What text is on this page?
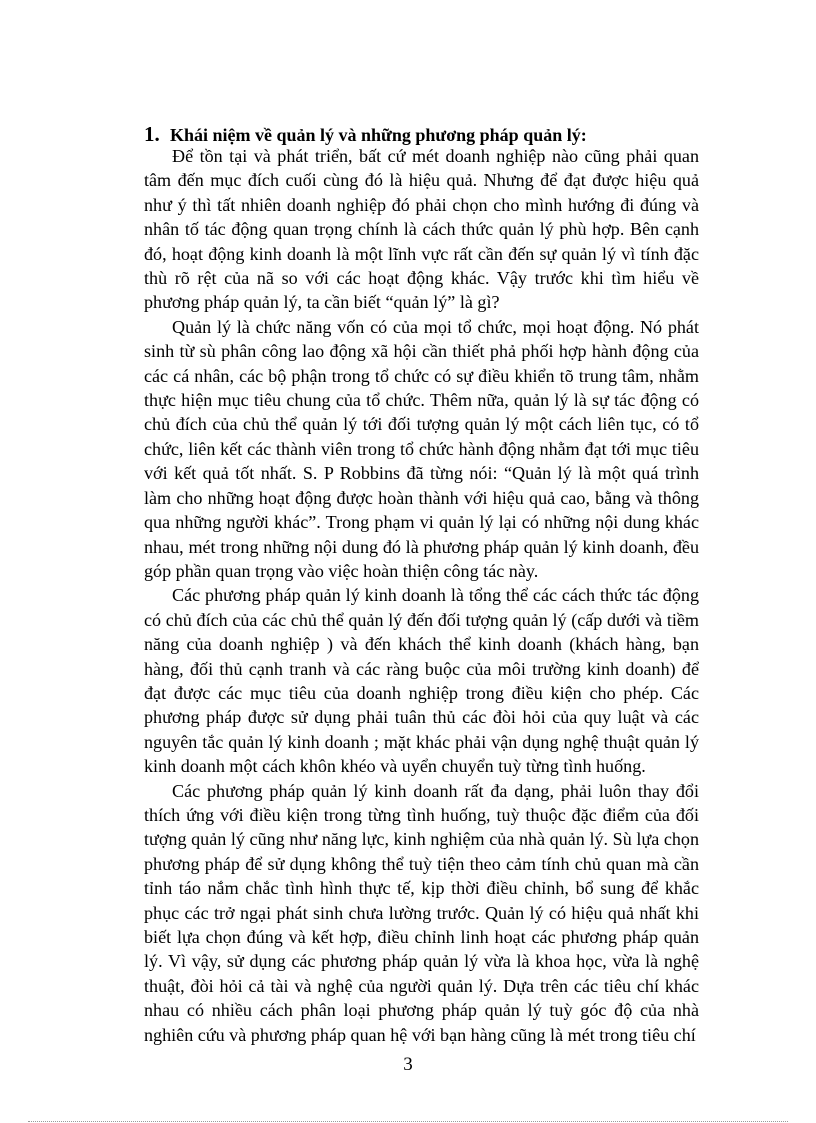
1. Khái niệm về quản lý và những phương pháp quản lý:

Để tồn tại và phát triển, bất cứ mét doanh nghiệp nào cũng phải quan tâm đến mục đích cuối cùng đó là hiệu quả. Nhưng để đạt được hiệu quả như ý thì tất nhiên doanh nghiệp đó phải chọn cho mình hướng đi đúng và nhân tố tác động quan trọng chính là cách thức quản lý phù hợp. Bên cạnh đó, hoạt động kinh doanh là một lĩnh vực rất cần đến sự quản lý vì tính đặc thù rõ rệt của nã so với các hoạt động khác. Vậy trước khi tìm hiểu về phương pháp quản lý, ta cần biết “quản lý” là gì?

Quản lý là chức năng vốn có của mọi tổ chức, mọi hoạt động. Nó phát sinh từ sù phân công lao động xã hội cần thiết phả phối hợp hành động của các cá nhân, các bộ phận trong tổ chức có sự điều khiển tõ trung tâm, nhằm thực hiện mục tiêu chung của tổ chức. Thêm nữa, quản lý là sự tác động có chủ đích của chủ thể quản lý tới đối tượng quản lý một cách liên tục, có tổ chức, liên kết các thành viên trong tổ chức hành động nhằm đạt tới mục tiêu với kết quả tốt nhất. S. P Robbins đã từng nói: “Quản lý là một quá trình làm cho những hoạt động được hoàn thành với hiệu quả cao, bằng và thông qua những người khác”. Trong phạm vi quản lý lại có những nội dung khác nhau, mét trong những nội dung đó là phương pháp quản lý kinh doanh, đều góp phần quan trọng vào việc hoàn thiện công tác này.

Các phương pháp quản lý kinh doanh là tổng thể các cách thức tác động có chủ đích của các chủ thể quản lý đến đối tượng quản lý (cấp dưới và tiềm năng của doanh nghiệp ) và đến khách thể kinh doanh (khách hàng, bạn hàng, đối thủ cạnh tranh và các ràng buộc của môi trường kinh doanh) để đạt được các mục tiêu của doanh nghiệp trong điều kiện cho phép. Các phương pháp được sử dụng phải tuân thủ các đòi hỏi của quy luật và các nguyên tắc quản lý kinh doanh ; mặt khác phải vận dụng nghệ thuật quản lý kinh doanh một cách khôn khéo và uyển chuyển tuỳ từng tình huống.

Các phương pháp quản lý kinh doanh rất đa dạng, phải luôn thay đổi thích ứng với điều kiện trong từng tình huống, tuỳ thuộc đặc điểm của đối tượng quản lý cũng như năng lực, kinh nghiệm của nhà quản lý. Sù lựa chọn phương pháp để sử dụng không thể tuỳ tiện theo cảm tính chủ quan mà cần tỉnh táo nắm chắc tình hình thực tế, kịp thời điều chỉnh, bổ sung để khắc phục các trở ngại phát sinh chưa lường trước. Quản lý có hiệu quả nhất khi biết lựa chọn đúng và kết hợp, điều chỉnh linh hoạt các phương pháp quản lý. Vì vậy, sử dụng các phương pháp quản lý vừa là khoa học, vừa là nghệ thuật, đòi hỏi cả tài và nghệ của người quản lý. Dựa trên các tiêu chí khác nhau có nhiều cách phân loại phương pháp quản lý tuỳ góc độ của nhà nghiên cứu và phương pháp quan hệ với bạn hàng cũng là mét trong tiêu chí

3
